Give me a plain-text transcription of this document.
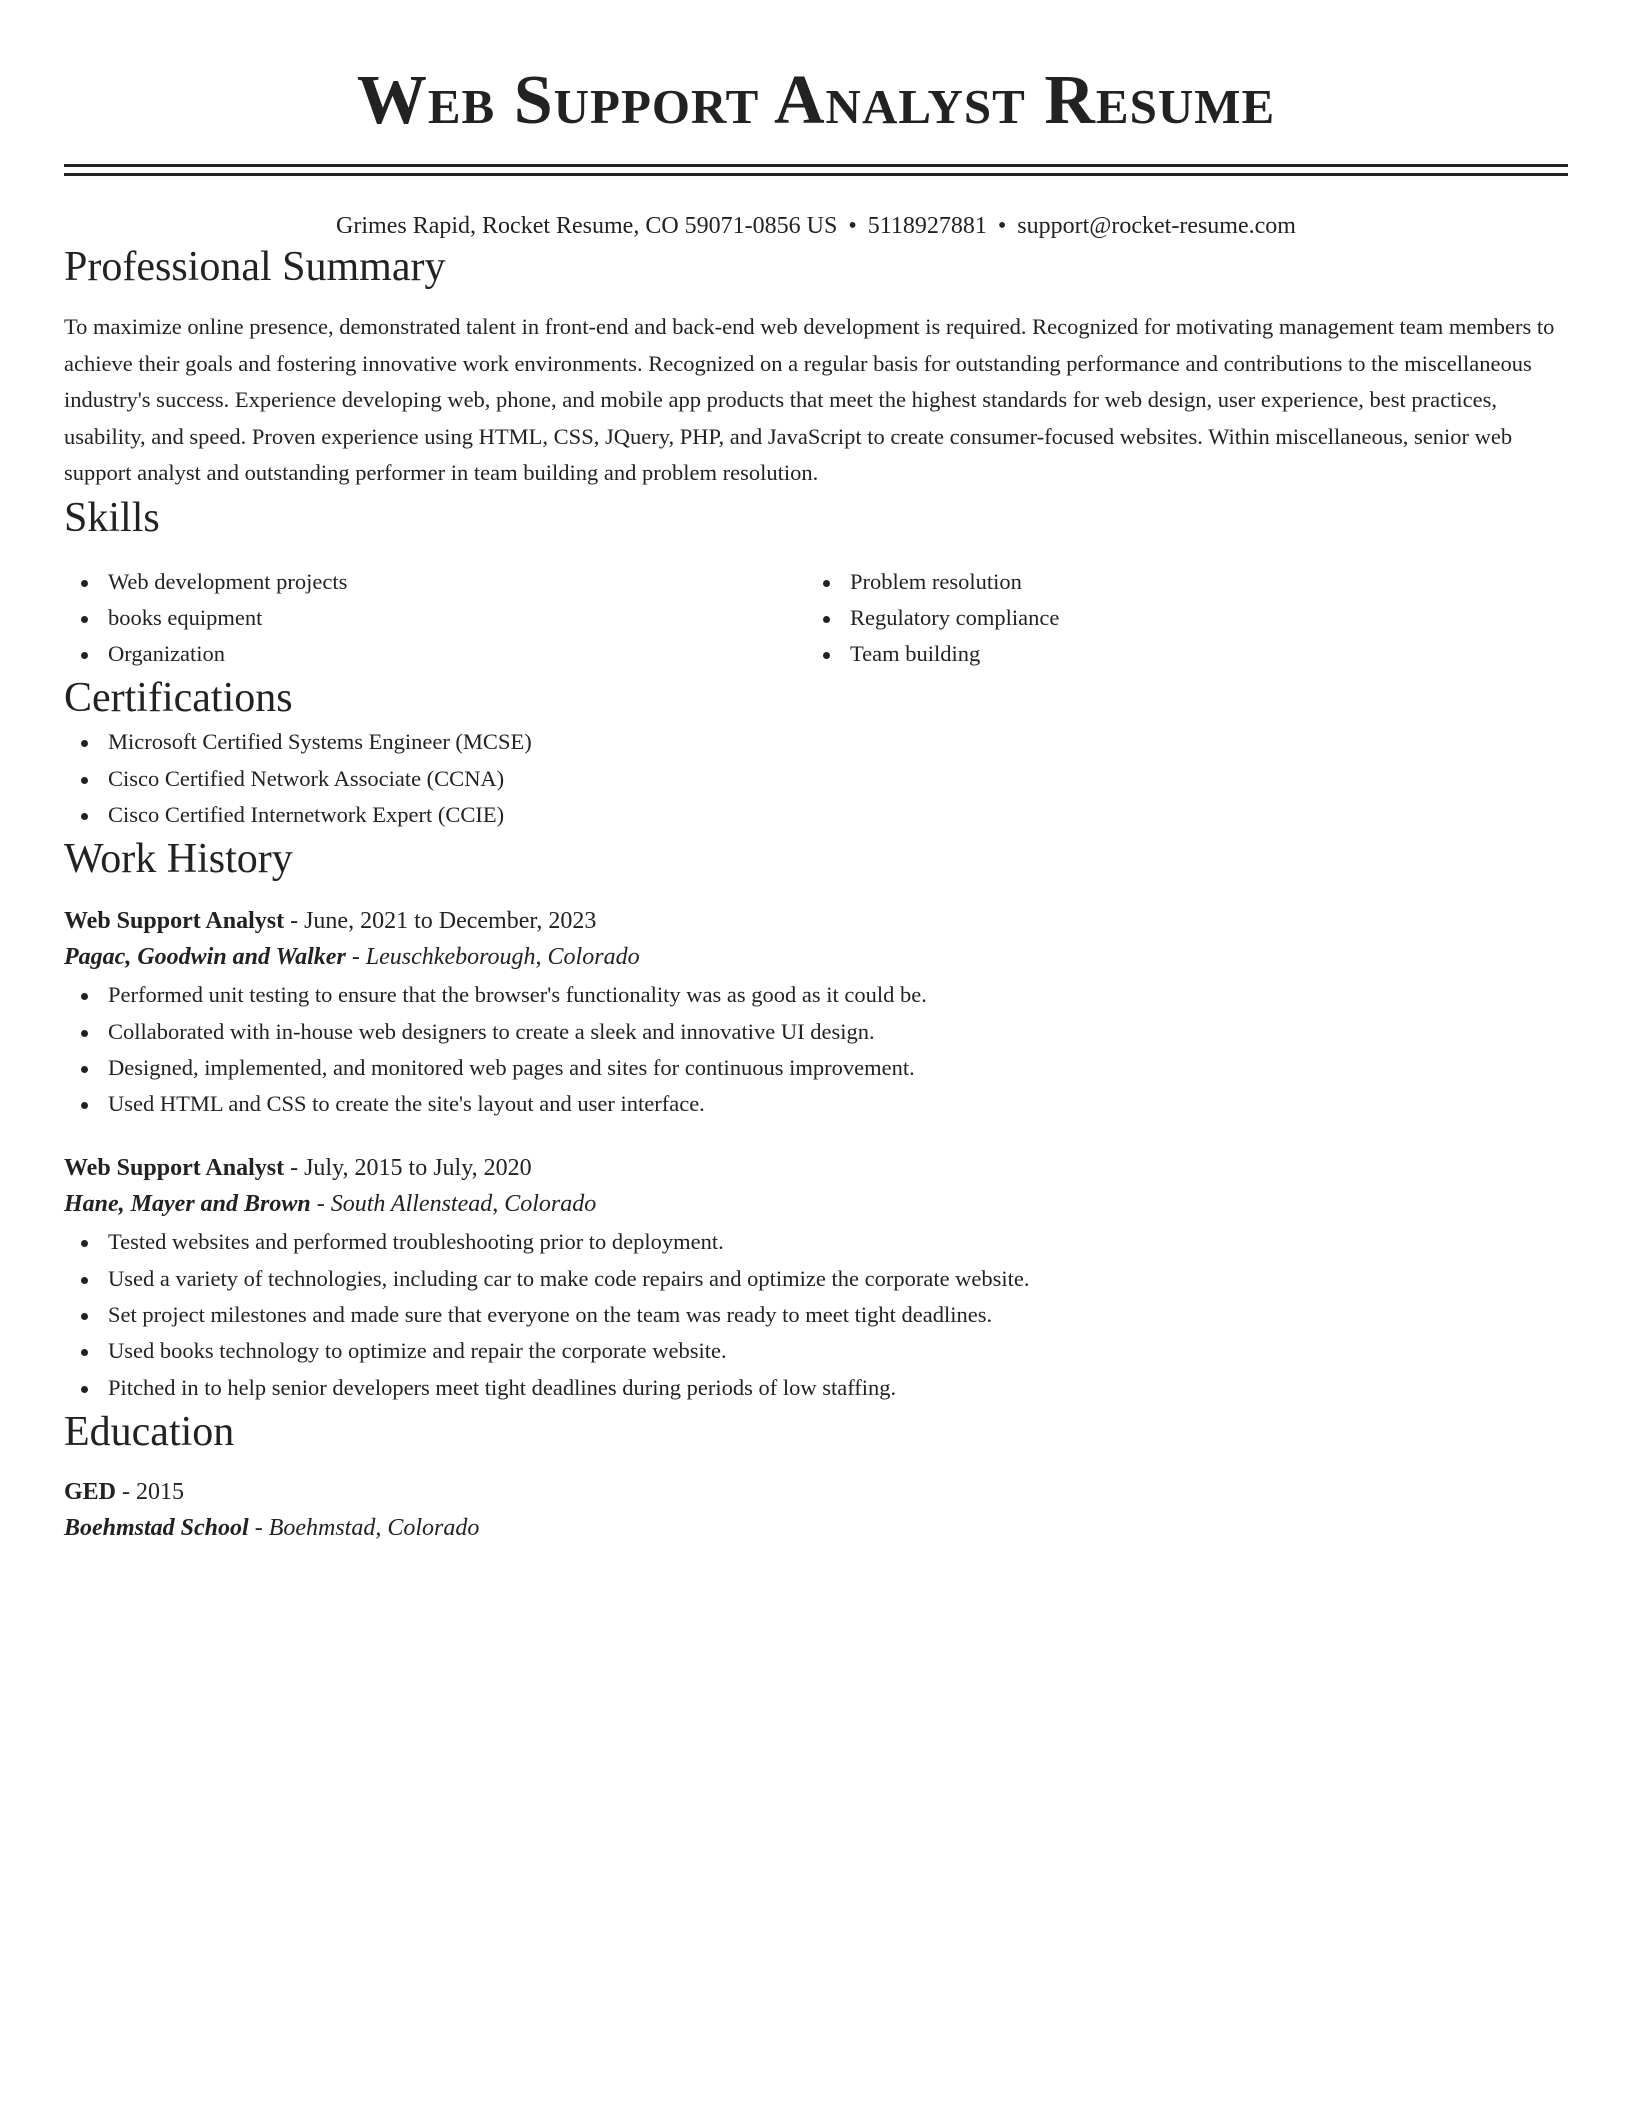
Web Support Analyst Resume
Grimes Rapid, Rocket Resume, CO 59071-0856 US • 5118927881 • support@rocket-resume.com
Professional Summary

To maximize online presence, demonstrated talent in front-end and back-end web development is required. Recognized for motivating management team members to achieve their goals and fostering innovative work environments. Recognized on a regular basis for outstanding performance and contributions to the miscellaneous industry's success. Experience developing web, phone, and mobile app products that meet the highest standards for web design, user experience, best practices, usability, and speed. Proven experience using HTML, CSS, JQuery, PHP, and JavaScript to create consumer-focused websites. Within miscellaneous, senior web support analyst and outstanding performer in team building and problem resolution.

Skills
Web development projects
books equipment
Organization
Problem resolution
Regulatory compliance
Team building
Certifications
Microsoft Certified Systems Engineer (MCSE)
Cisco Certified Network Associate (CCNA)
Cisco Certified Internetwork Expert (CCIE)
Work History
Web Support Analyst - June, 2021 to December, 2023
Pagac, Goodwin and Walker - Leuschkeborough, Colorado
Performed unit testing to ensure that the browser's functionality was as good as it could be.
Collaborated with in-house web designers to create a sleek and innovative UI design.
Designed, implemented, and monitored web pages and sites for continuous improvement.
Used HTML and CSS to create the site's layout and user interface.
Web Support Analyst - July, 2015 to July, 2020
Hane, Mayer and Brown - South Allenstead, Colorado
Tested websites and performed troubleshooting prior to deployment.
Used a variety of technologies, including car to make code repairs and optimize the corporate website.
Set project milestones and made sure that everyone on the team was ready to meet tight deadlines.
Used books technology to optimize and repair the corporate website.
Pitched in to help senior developers meet tight deadlines during periods of low staffing.
Education
GED - 2015
Boehmstad School - Boehmstad, Colorado
